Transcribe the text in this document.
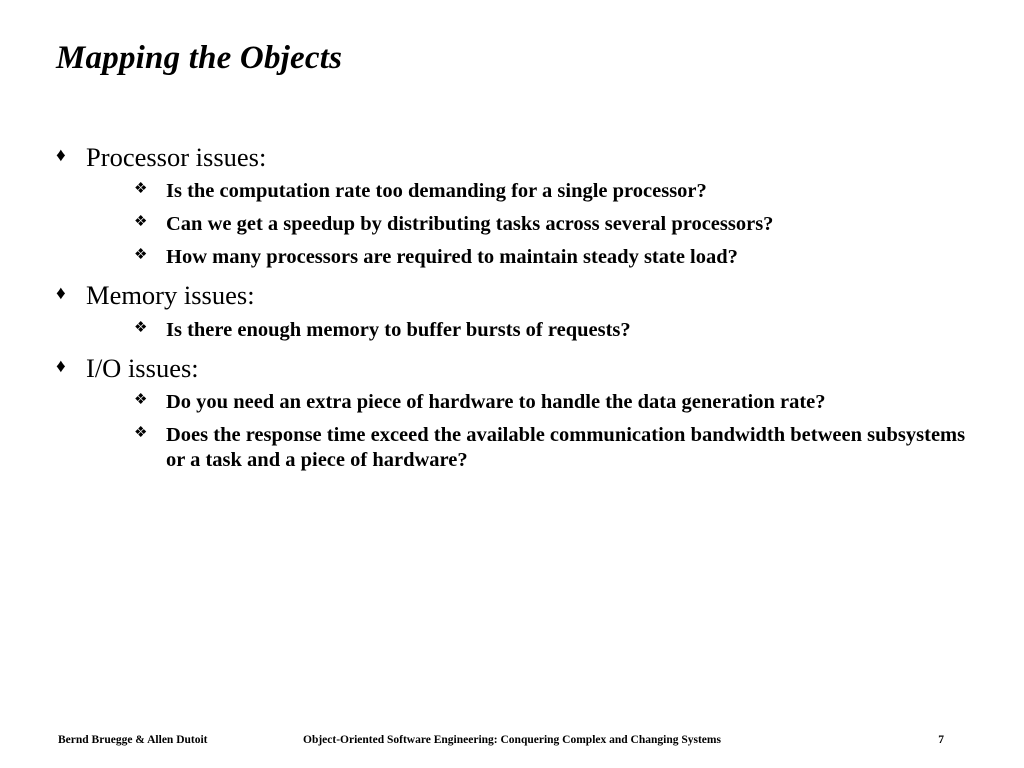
Mapping the Objects
♦ Processor issues:
❖ Is the computation rate too demanding for a single processor?
❖ Can we get a speedup by distributing tasks across several processors?
❖ How many processors are required to maintain steady state load?
♦ Memory issues:
❖ Is there enough memory to buffer bursts of requests?
♦ I/O issues:
❖ Do you need an extra piece of hardware to handle the data generation rate?
❖ Does the response time exceed the available communication bandwidth between subsystems or a task and a piece of hardware?
Bernd Bruegge & Allen Dutoit	Object-Oriented Software Engineering: Conquering Complex and Changing Systems	7
